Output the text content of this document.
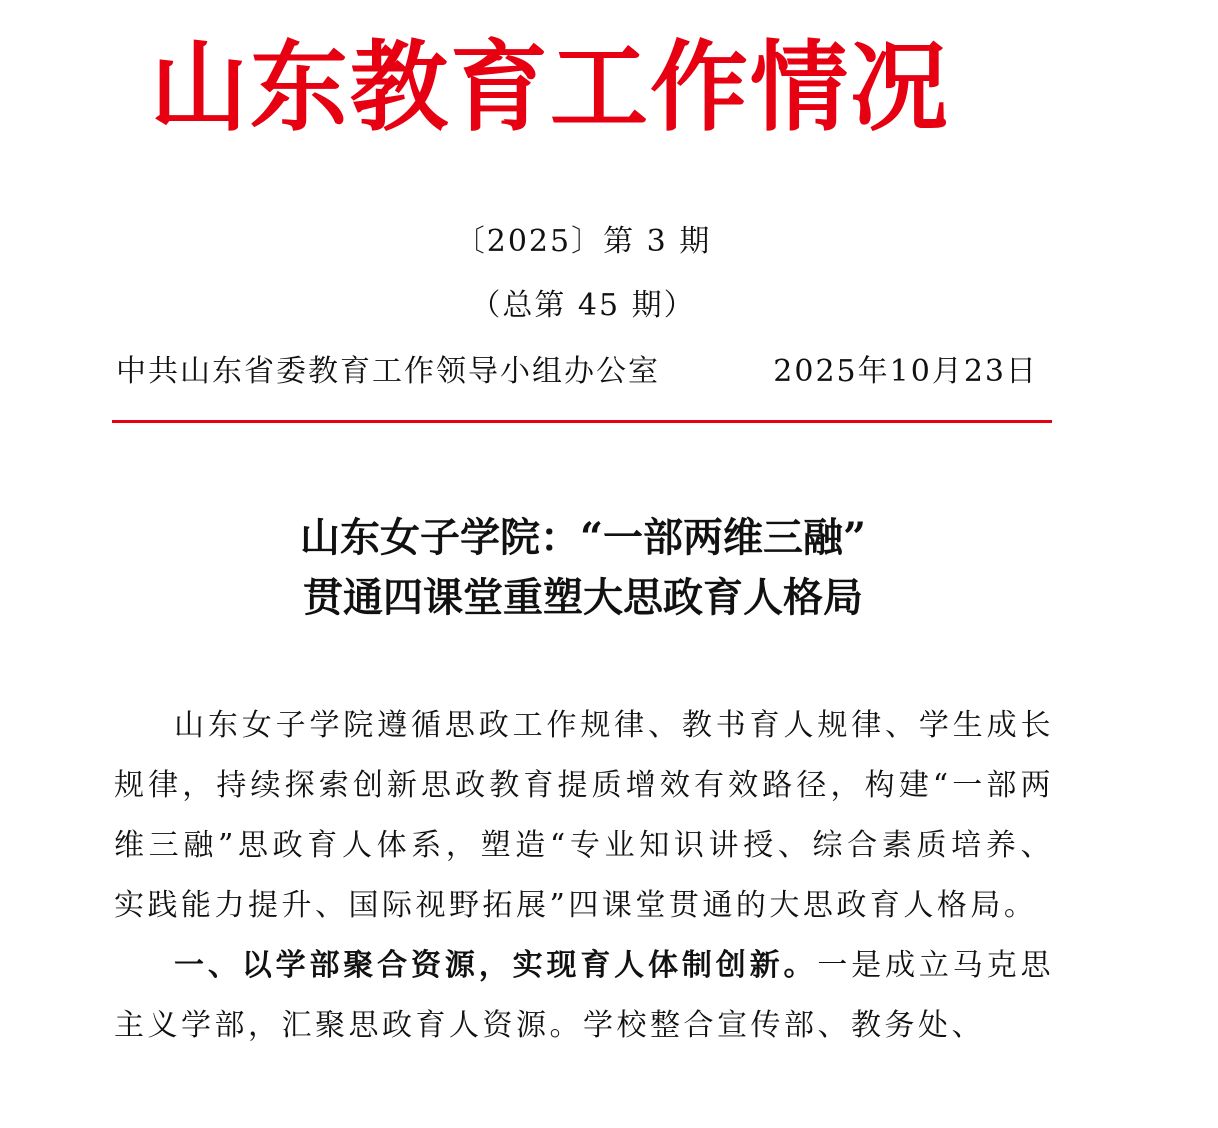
山东教育工作情况
〔2025〕第 3 期
（总第 45 期）
中共山东省委教育工作领导小组办公室	2025年10月23日
山东女子学院：“一部两维三融”
贯通四课堂重塑大思政育人格局

山东女子学院遵循思政工作规律、教书育人规律、学生成长规律，持续探索创新思政教育提质增效有效路径，构建“一部两维三融”思政育人体系，塑造“专业知识讲授、综合素质培养、实践能力提升、国际视野拓展”四课堂贯通的大思政育人格局。

一、以学部聚合资源，实现育人体制创新。一是成立马克思主义学部，汇聚思政育人资源。学校整合宣传部、教务处、
